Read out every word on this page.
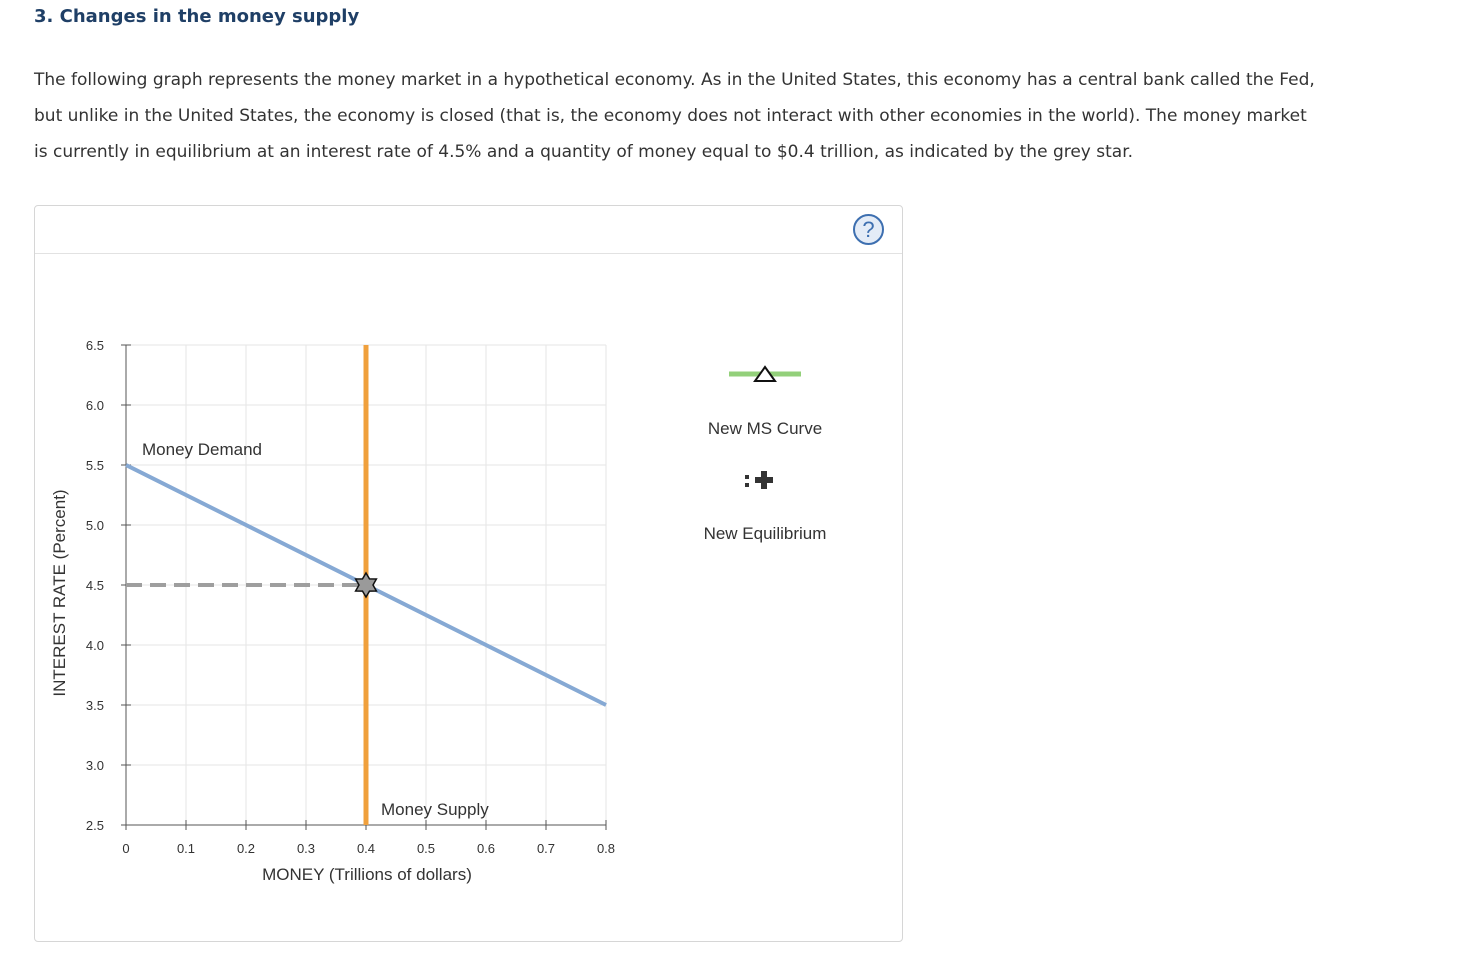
3. Changes in the money supply

The following graph represents the money market in a hypothetical economy. As in the United States, this economy has a central bank called the Fed,

but unlike in the United States, the economy is closed (that is, the economy does not interact with other economies in the world). The money market

is currently in equilibrium at an interest rate of 4.5% and a quantity of money equal to $0.4 trillion, as indicated by the grey star.

?
0	0.1	0.2	0.3	0.4	0.5	0.6	0.7	0.8
2.5
3.0
3.5
4.0
4.5
5.0
5.5
6.0
6.5
Money Demand
Money Supply
MONEY (Trillions of dollars)
INTEREST RATE (Percent)
New MS Curve
New Equilibrium
